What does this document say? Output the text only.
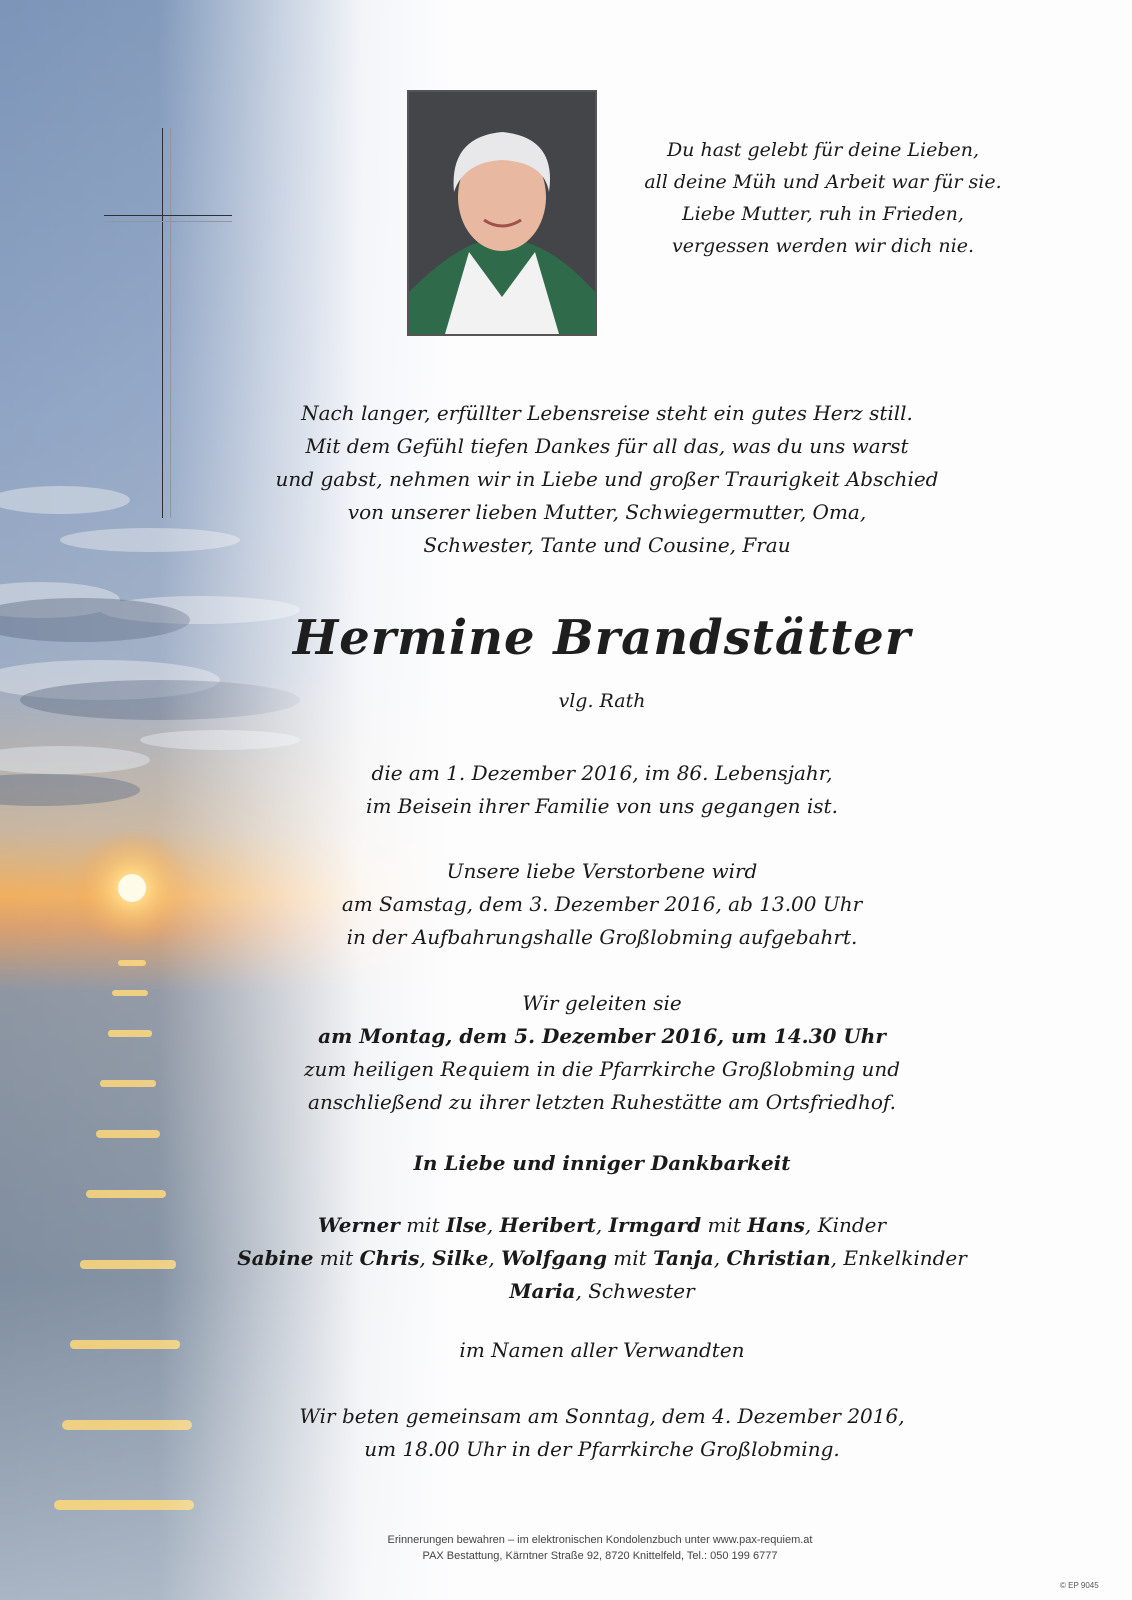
Du hast gelebt für deine Lieben,
all deine Müh und Arbeit war für sie.
Liebe Mutter, ruh in Frieden,
vergessen werden wir dich nie.
Nach langer, erfüllter Lebensreise steht ein gutes Herz still.
Mit dem Gefühl tiefen Dankes für all das, was du uns warst
und gabst, nehmen wir in Liebe und großer Traurigkeit Abschied
von unserer lieben Mutter, Schwiegermutter, Oma,
Schwester, Tante und Cousine, Frau
Hermine Brandstätter
vlg. Rath
die am 1. Dezember 2016, im 86. Lebensjahr,
im Beisein ihrer Familie von uns gegangen ist.
Unsere liebe Verstorbene wird
am Samstag, dem 3. Dezember 2016, ab 13.00 Uhr
in der Aufbahrungshalle Großlobming aufgebahrt.
Wir geleiten sie
am Montag, dem 5. Dezember 2016, um 14.30 Uhr
zum heiligen Requiem in die Pfarrkirche Großlobming und
anschließend zu ihrer letzten Ruhestätte am Ortsfriedhof.
In Liebe und inniger Dankbarkeit
Werner mit Ilse, Heribert, Irmgard mit Hans, Kinder
Sabine mit Chris, Silke, Wolfgang mit Tanja, Christian, Enkelkinder
Maria, Schwester
im Namen aller Verwandten
Wir beten gemeinsam am Sonntag, dem 4. Dezember 2016,
um 18.00 Uhr in der Pfarrkirche Großlobming.
Erinnerungen bewahren – im elektronischen Kondolenzbuch unter www.pax-requiem.at
PAX Bestattung, Kärntner Straße 92, 8720 Knittelfeld, Tel.: 050 199 6777
© EP 9045
